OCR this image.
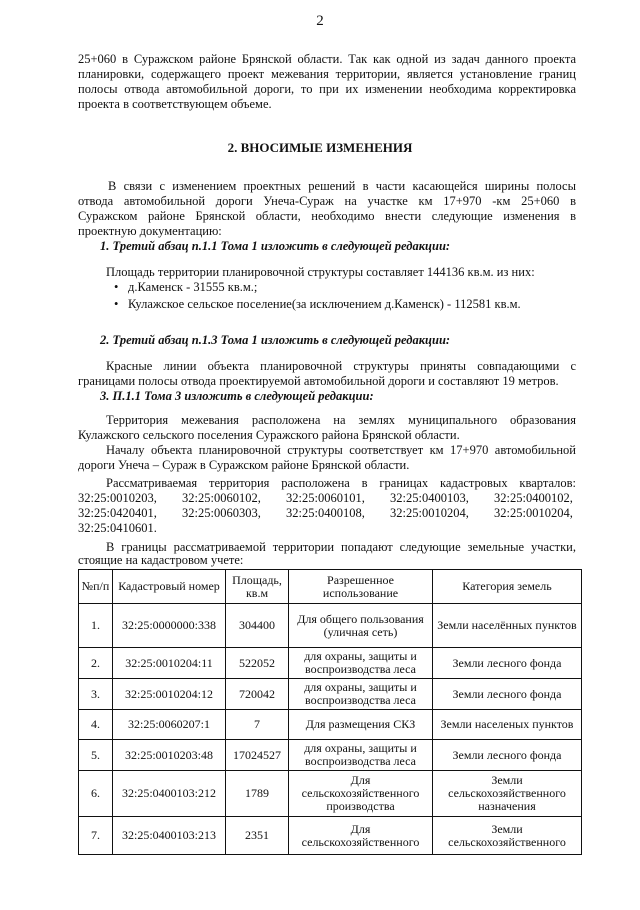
2
25+060 в Суражском районе Брянской области. Так как одной из задач данного проекта
планировки, содержащего проект межевания территории, является установление границ
полосы отвода автомобильной дороги, то при их изменении необходима корректировка
проекта в соответствующем объеме.
2. ВНОСИМЫЕ ИЗМЕНЕНИЯ
В связи с изменением проектных решений в части касающейся ширины полосы
отвода автомобильной дороги Унеча-Сураж на участке км 17+970 -км 25+060 в
Суражском районе Брянской области, необходимо внести следующие изменения в
проектную документацию:
1. Третий абзац п.1.1 Тома 1 изложить в следующей редакции:
Площадь территории планировочной структуры составляет 144136 кв.м. из них:
• д.Каменск - 31555 кв.м.;
• Кулажское сельское поселение(за исключением д.Каменск) - 112581 кв.м.
2. Третий абзац п.1.3 Тома 1 изложить в следующей редакции:
Красные линии объекта планировочной структуры приняты совпадающими с
границами полосы отвода проектируемой автомобильной дороги и составляют 19 метров.
3. П.1.1 Тома 3 изложить в следующей редакции:
Территория межевания расположена на землях муниципального образования
Кулажского сельского поселения Суражского района Брянской области.
Началу объекта планировочной структуры соответствует км 17+970 автомобильной
дороги Унеча – Сураж в Суражском районе Брянской области.
Рассматриваемая территория расположена в границах кадастровых кварталов:
32:25:0010203, 32:25:0060102, 32:25:0060101, 32:25:0400103, 32:25:0400102,
32:25:0420401, 32:25:0060303, 32:25:0400108, 32:25:0010204, 32:25:0010204,
32:25:0410601.
В границы рассматриваемой территории попадают следующие земельные участки,
стоящие на кадастровом учете:
№п/п	Кадастровый номер	Площадь, кв.м	Разрешенное использование	Категория земель
1.	32:25:0000000:338	304400	Для общего пользования (уличная сеть)	Земли населённых пунктов
2.	32:25:0010204:11	522052	для охраны, защиты и воспроизводства леса	Земли лесного фонда
3.	32:25:0010204:12	720042	для охраны, защиты и воспроизводства леса	Земли лесного фонда
4.	32:25:0060207:1	7	Для размещения СКЗ	Земли населеных пунктов
5.	32:25:0010203:48	17024527	для охраны, защиты и воспроизводства леса	Земли лесного фонда
6.	32:25:0400103:212	1789	Для сельскохозяйственного производства	Земли сельскохозяйственного назначения
7.	32:25:0400103:213	2351	Для сельскохозяйственного	Земли сельскохозяйственного
